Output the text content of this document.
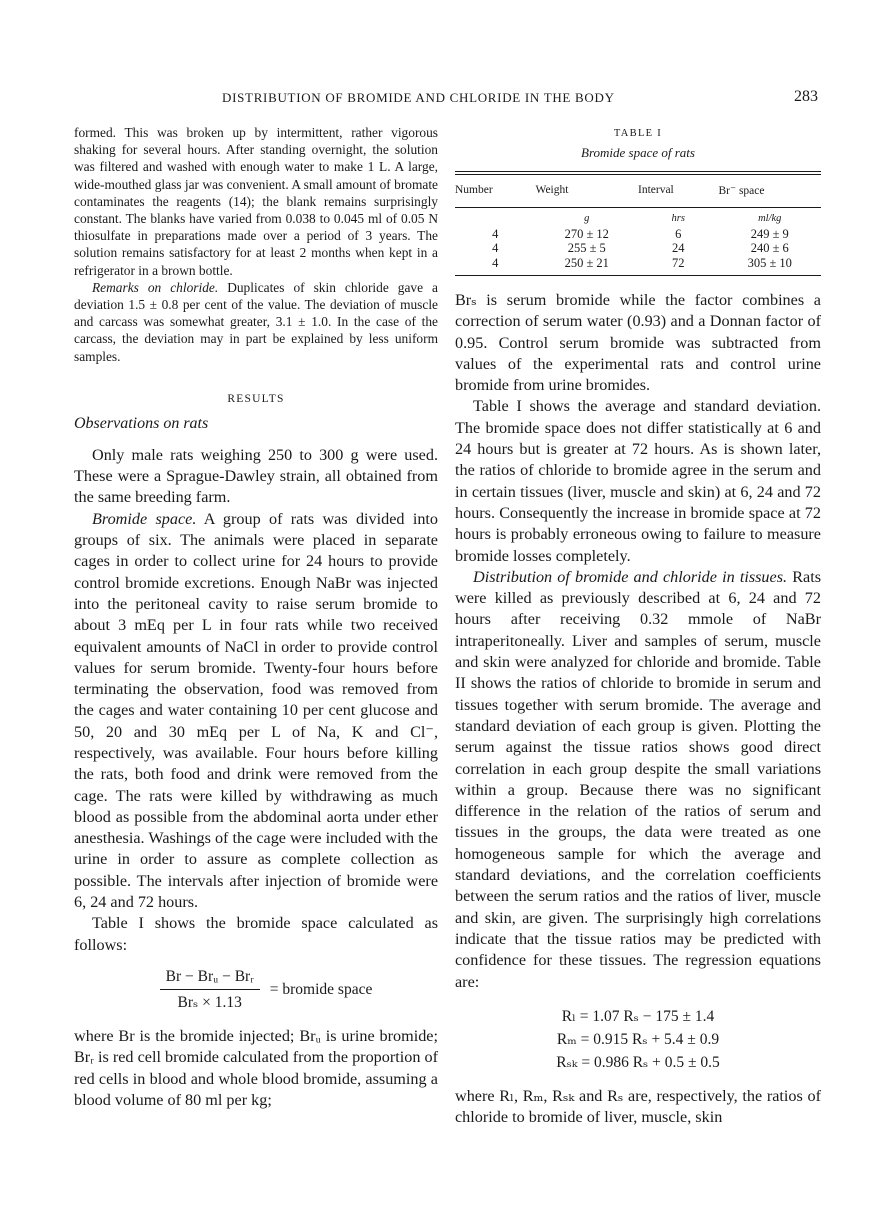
DISTRIBUTION OF BROMIDE AND CHLORIDE IN THE BODY	283

formed. This was broken up by intermittent, rather vigorous shaking for several hours. After standing overnight, the solution was filtered and washed with enough water to make 1 L. A large, wide-mouthed glass jar was convenient. A small amount of bromate contaminates the reagents (14); the blank remains surprisingly constant. The blanks have varied from 0.038 to 0.045 ml of 0.05 N thiosulfate in preparations made over a period of 3 years. The solution remains satisfactory for at least 2 months when kept in a refrigerator in a brown bottle.

Remarks on chloride. Duplicates of skin chloride gave a deviation 1.5 ± 0.8 per cent of the value. The deviation of muscle and carcass was somewhat greater, 3.1 ± 1.0. In the case of the carcass, the deviation may in part be explained by less uniform samples.

RESULTS
Observations on rats

Only male rats weighing 250 to 300 g were used. These were a Sprague-Dawley strain, all obtained from the same breeding farm.

Bromide space. A group of rats was divided into groups of six. The animals were placed in separate cages in order to collect urine for 24 hours to provide control bromide excretions. Enough NaBr was injected into the peritoneal cavity to raise serum bromide to about 3 mEq per L in four rats while two received equivalent amounts of NaCl in order to provide control values for serum bromide. Twenty-four hours before terminating the observation, food was removed from the cages and water containing 10 per cent glucose and 50, 20 and 30 mEq per L of Na, K and Cl⁻, respectively, was available. Four hours before killing the rats, both food and drink were removed from the cage. The rats were killed by withdrawing as much blood as possible from the abdominal aorta under ether anesthesia. Washings of the cage were included with the urine in order to assure as complete collection as possible. The intervals after injection of bromide were 6, 24 and 72 hours.

Table I shows the bromide space calculated as follows:

$\frac{\text{Br − Brᵤ − Brᵣ}}{\text{Brₛ × 1.13}}$ = bromide space

where Br is the bromide injected; Brᵤ is urine bromide; Brᵣ is red cell bromide calculated from the proportion of red cells in blood and whole blood bromide, assuming a blood volume of 80 ml per kg;

TABLE I
Bromide space of rats
Number	Weight	Interval	Br⁻ space

	g	hrs	ml/kg
4	270 ± 12	6	249 ± 9
4	255 ± 5	24	240 ± 6
4	250 ± 21	72	305 ± 10

Brₛ is serum bromide while the factor combines a correction of serum water (0.93) and a Donnan factor of 0.95. Control serum bromide was subtracted from values of the experimental rats and control urine bromide from urine bromides.

Table I shows the average and standard deviation. The bromide space does not differ statistically at 6 and 24 hours but is greater at 72 hours. As is shown later, the ratios of chloride to bromide agree in the serum and in certain tissues (liver, muscle and skin) at 6, 24 and 72 hours. Consequently the increase in bromide space at 72 hours is probably erroneous owing to failure to measure bromide losses completely.

Distribution of bromide and chloride in tissues. Rats were killed as previously described at 6, 24 and 72 hours after receiving 0.32 mmole of NaBr intraperitoneally. Liver and samples of serum, muscle and skin were analyzed for chloride and bromide. Table II shows the ratios of chloride to bromide in serum and tissues together with serum bromide. The average and standard deviation of each group is given. Plotting the serum against the tissue ratios shows good direct correlation in each group despite the small variations within a group. Because there was no significant difference in the relation of the ratios of serum and tissues in the groups, the data were treated as one homogeneous sample for which the average and standard deviations, and the correlation coefficients between the serum ratios and the ratios of liver, muscle and skin, are given. The surprisingly high correlations indicate that the tissue ratios may be predicted with confidence for these tissues. The regression equations are:

Rₗ = 1.07 Rₛ − 175 ± 1.4
Rₘ = 0.915 Rₛ + 5.4 ± 0.9
Rₛₖ = 0.986 Rₛ + 0.5 ± 0.5

where Rₗ, Rₘ, Rₛₖ and Rₛ are, respectively, the ratios of chloride to bromide of liver, muscle, skin
